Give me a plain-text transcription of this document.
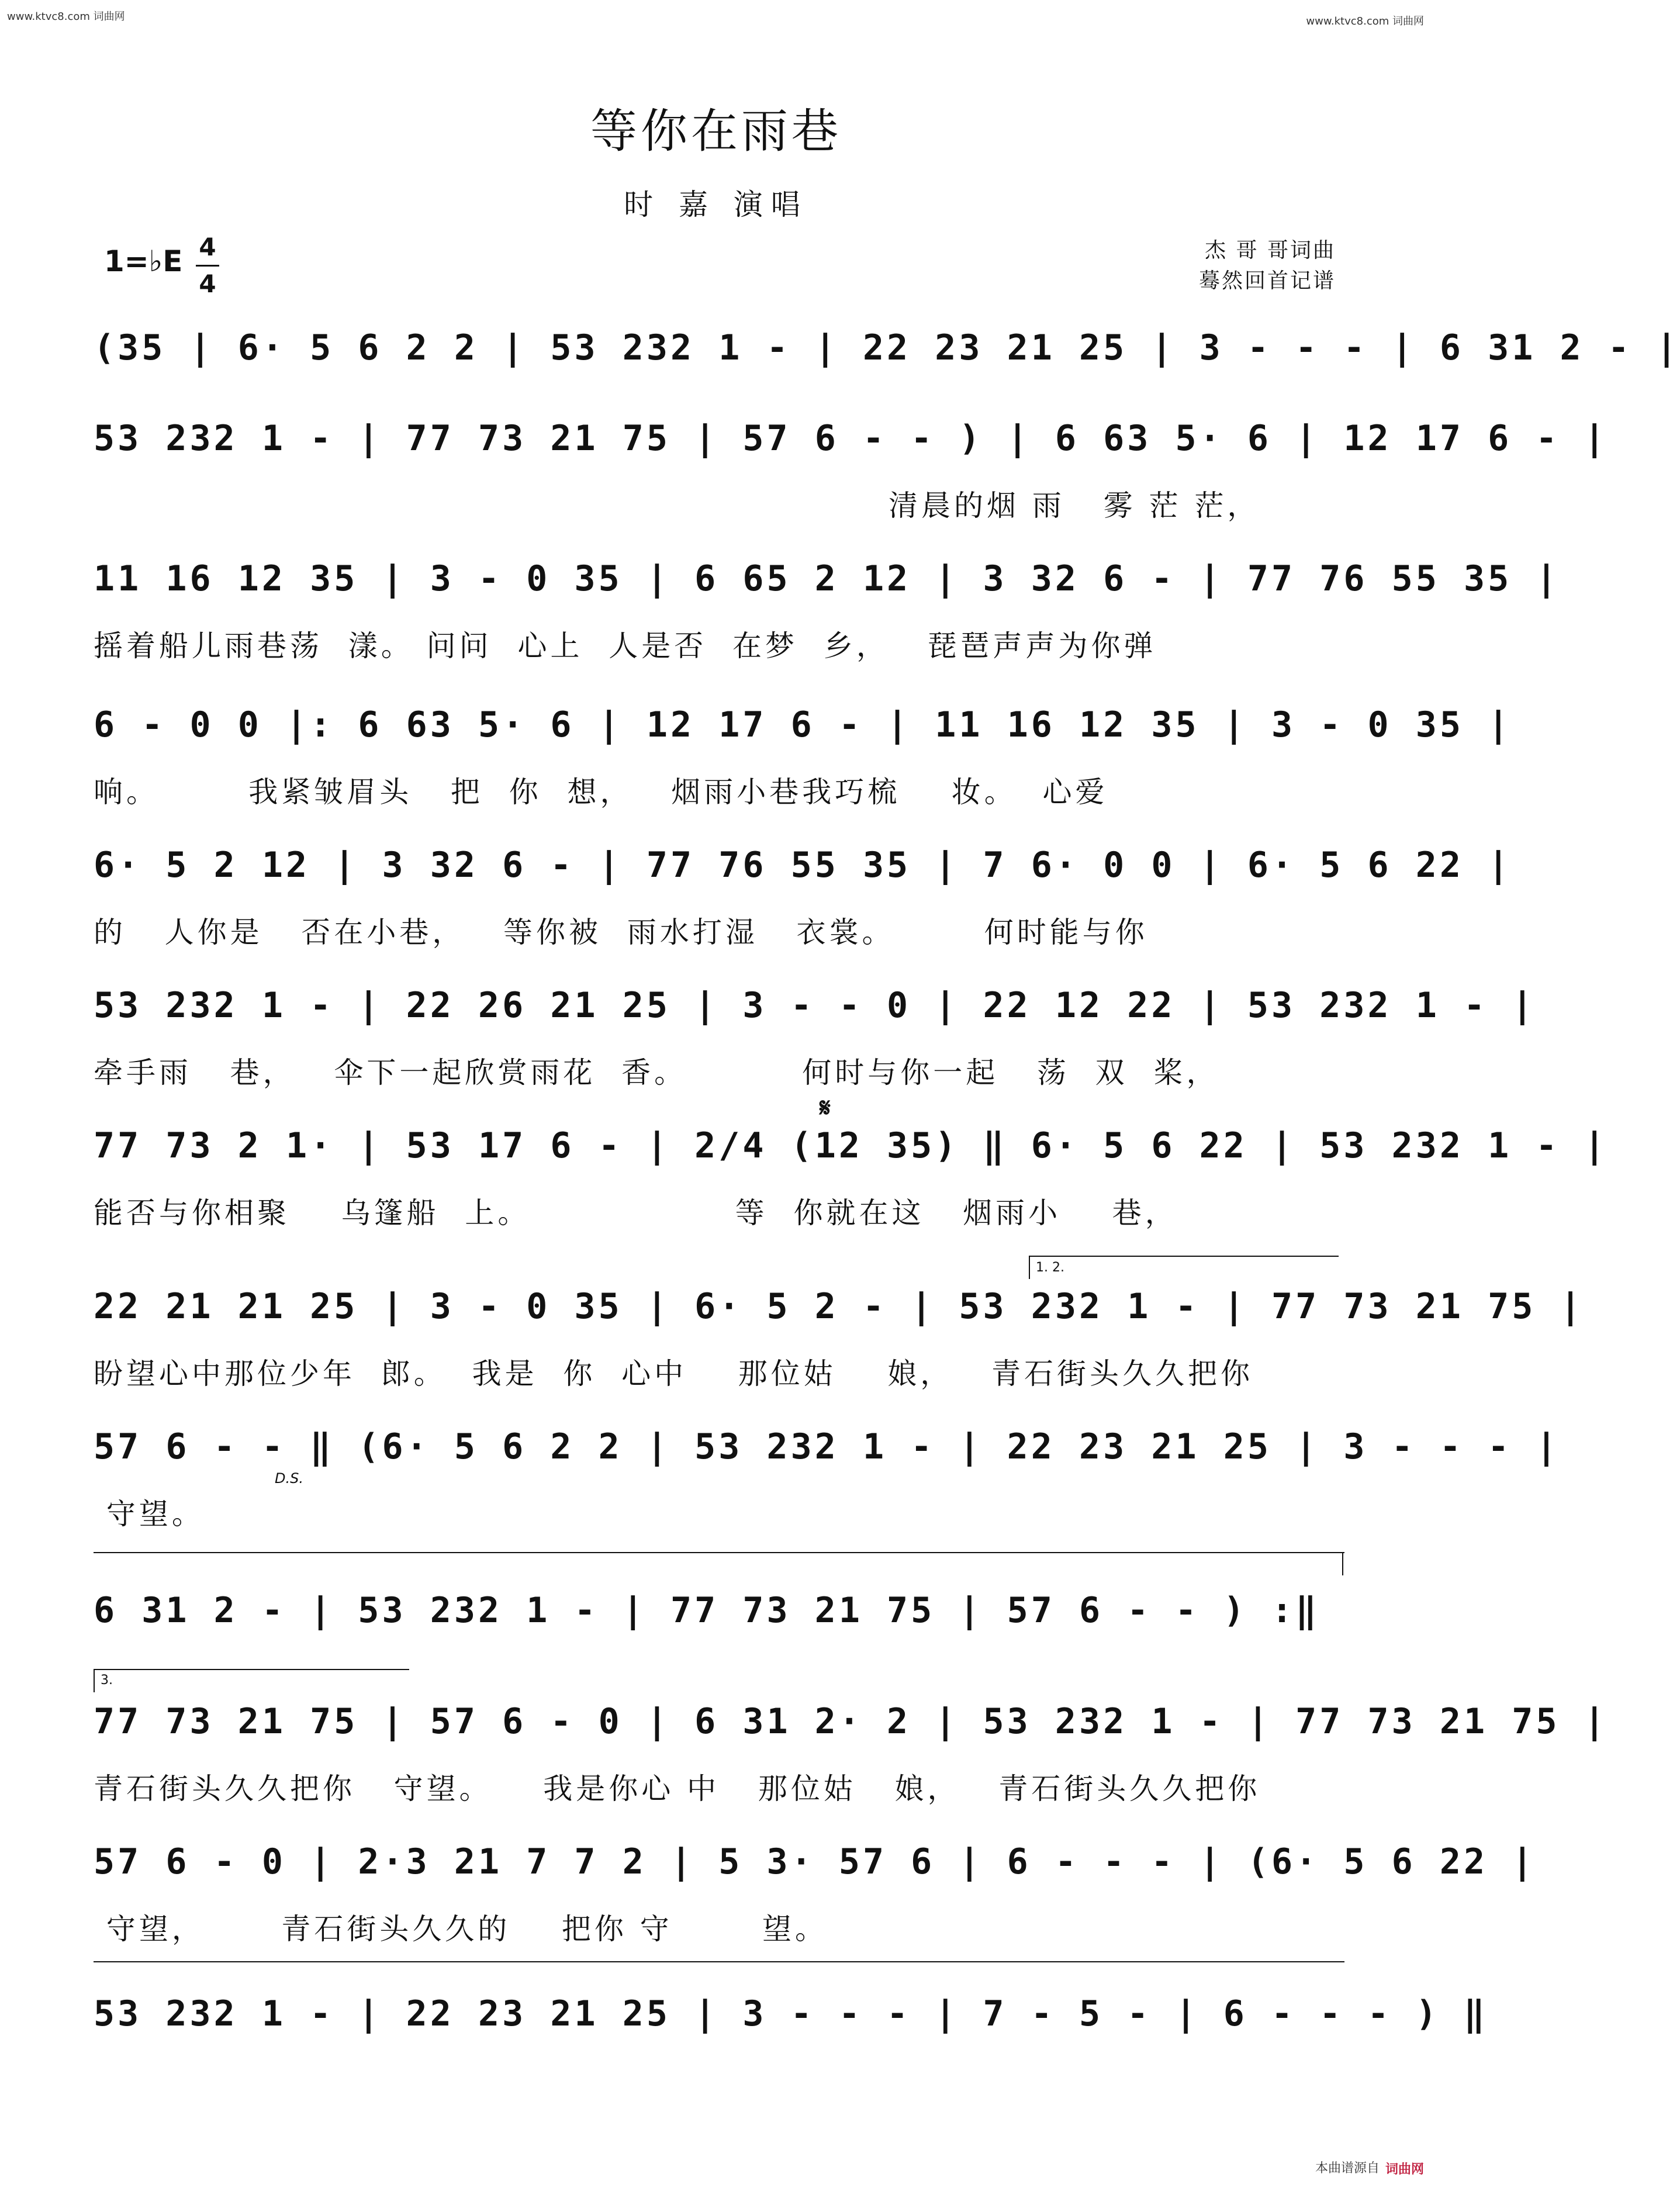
www.ktvc8.com 词曲网	www.ktvc8.com 词曲网
等你在雨巷
时 嘉 演唱
1=♭E 4
4
杰 哥 哥词曲
蓦然回首记谱
(35 | 6· 5 6 2 2 | 53 232 1 - | 22 23 21 25 | 3 - - - | 6 31 2 - |
53 232 1 - | 77 73 21 75 | 57 6 - - ) | 6 63 5· 6 | 12 17 6 - |
清晨的烟 雨   雾 茫 茫，
11 16 12 35 | 3 - 0 35 | 6 65 2 12 | 3 32 6 - | 77 76 55 35 |
摇着船儿雨巷荡  漾。 问问  心上  人是否  在梦  乡，   琵琶声声为你弹
6 - 0 0 |: 6 63 5· 6 | 12 17 6 - | 11 16 12 35 | 3 - 0 35 |
响。       我紧皱眉头   把  你  想，   烟雨小巷我巧梳    妆。  心爱
6· 5 2 12 | 3 32 6 - | 77 76 55 35 | 7 6· 0 0 | 6· 5 6 22 |
的   人你是   否在小巷，   等你被  雨水打湿   衣裳。       何时能与你
53 232 1 - | 22 26 21 25 | 3 - - 0 | 22 12 22 | 53 232 1 - |
牵手雨   巷，   伞下一起欣赏雨花  香。         何时与你一起   荡  双  桨，
𝄋
77 73 2 1· | 53 17 6 - | 2/4 (12 35) ‖ 6· 5 6 22 | 53 232 1 - |
能否与你相聚    乌篷船  上。                等  你就在这   烟雨小    巷，
1. 2.
22 21 21 25 | 3 - 0 35 | 6· 5 2 - | 53 232 1 - | 77 73 21 75 |
盼望心中那位少年  郎。  我是  你  心中    那位姑    娘，   青石街头久久把你
57 6 - - ‖ (6· 5 6 2 2 | 53 232 1 - | 22 23 21 25 | 3 - - - |
守望。
D.S.
6 31 2 - | 53 232 1 - | 77 73 21 75 | 57 6 - - ) :‖
3.
77 73 21 75 | 57 6 - 0 | 6 31 2· 2 | 53 232 1 - | 77 73 21 75 |
青石街头久久把你   守望。    我是你心 中   那位姑   娘，   青石街头久久把你
57 6 - 0 | 2·3 21 7 7 2 | 5 3· 57 6 | 6 - - - | (6· 5 6 22 |
守望，      青石街头久久的    把你 守       望。
53 232 1 - | 22 23 21 25 | 3 - - - | 7 - 5 - | 6 - - - ) ‖
本曲谱源自 词曲网
